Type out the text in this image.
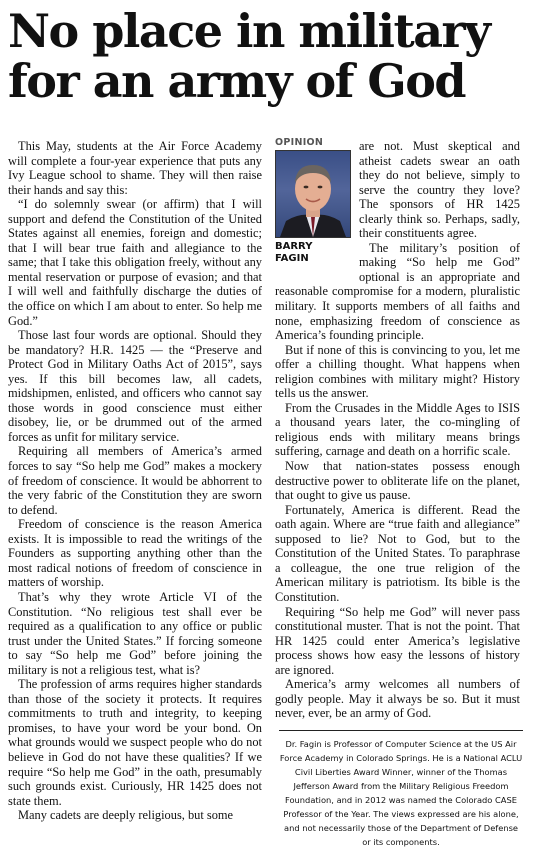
No place in military
for an army of God

This May, students at the Air Force Academy will complete a four-year experience that puts any Ivy League school to shame. They will then raise their hands and say this:

“I do solemnly swear (or affirm) that I will support and defend the Constitution of the United States against all enemies, foreign and domestic; that I will bear true faith and allegiance to the same; that I take this obligation freely, without any mental reservation or purpose of evasion; and that I will well and faithfully discharge the duties of the office on which I am about to enter. So help me God.”

Those last four words are optional. Should they be mandatory? H.R. 1425 — the “Preserve and Protect God in Military Oaths Act of 2015”, says yes. If this bill becomes law, all cadets, midshipmen, enlisted, and officers who cannot say those words in good conscience must either disobey, lie, or be drummed out of the armed forces as unfit for military service.

Requiring all members of America’s armed forces to say “So help me God” makes a mockery of freedom of conscience. It would be abhorrent to the very fabric of the Constitution they are sworn to defend.

Freedom of conscience is the reason America exists. It is impossible to read the writings of the Founders as supporting anything other than the most radical notions of freedom of conscience in matters of worship.

That’s why they wrote Article VI of the Constitution. “No religious test shall ever be required as a qualification to any office or public trust under the United States.” If forcing someone to say “So help me God” before joining the military is not a religious test, what is?

The profession of arms requires higher standards than those of the society it protects. It requires commitments to truth and integrity, to keeping promises, to have your word be your bond. On what grounds would we suspect people who do not believe in God do not have these qualities? If we require “So help me God” in the oath, presumably such grounds exist. Curiously, HR 1425 does not state them.

Many cadets are deeply religious, but some

OPINION
BARRY
FAGIN

are not. Must skeptical and atheist cadets swear an oath they do not believe, simply to serve the country they love? The sponsors of HR 1425 clearly think so. Perhaps, sadly, their constituents agree.

The military’s position of making “So help me God” optional is an appropriate and reasonable compromise for a modern, pluralistic military. It supports members of all faiths and none, emphasizing freedom of conscience as America’s founding principle.

But if none of this is convincing to you, let me offer a chilling thought. What happens when religion combines with military might? History tells us the answer.

From the Crusades in the Middle Ages to ISIS a thousand years later, the co-mingling of religious ends with military means brings suffering, carnage and death on a horrific scale.

Now that nation-states possess enough destructive power to obliterate life on the planet, that ought to give us pause.

Fortunately, America is different. Read the oath again. Where are “true faith and allegiance” supposed to lie? Not to God, but to the Constitution of the United States. To paraphrase a colleague, the one true religion of the American military is patriotism. Its bible is the Constitution.

Requiring “So help me God” will never pass constitutional muster. That is not the point. That HR 1425 could enter America’s legislative process shows how easy the lessons of history are ignored.

America’s army welcomes all numbers of godly people. May it always be so. But it must never, ever, be an army of God.

Dr. Fagin is Professor of Computer Science at the US Air Force Academy in Colorado Springs. He is a National ACLU Civil Liberties Award Winner, winner of the Thomas Jefferson Award from the Military Religious Freedom Foundation, and in 2012 was named the Colorado CASE Professor of the Year. The views expressed are his alone, and not necessarily those of the Department of Defense or its components.
